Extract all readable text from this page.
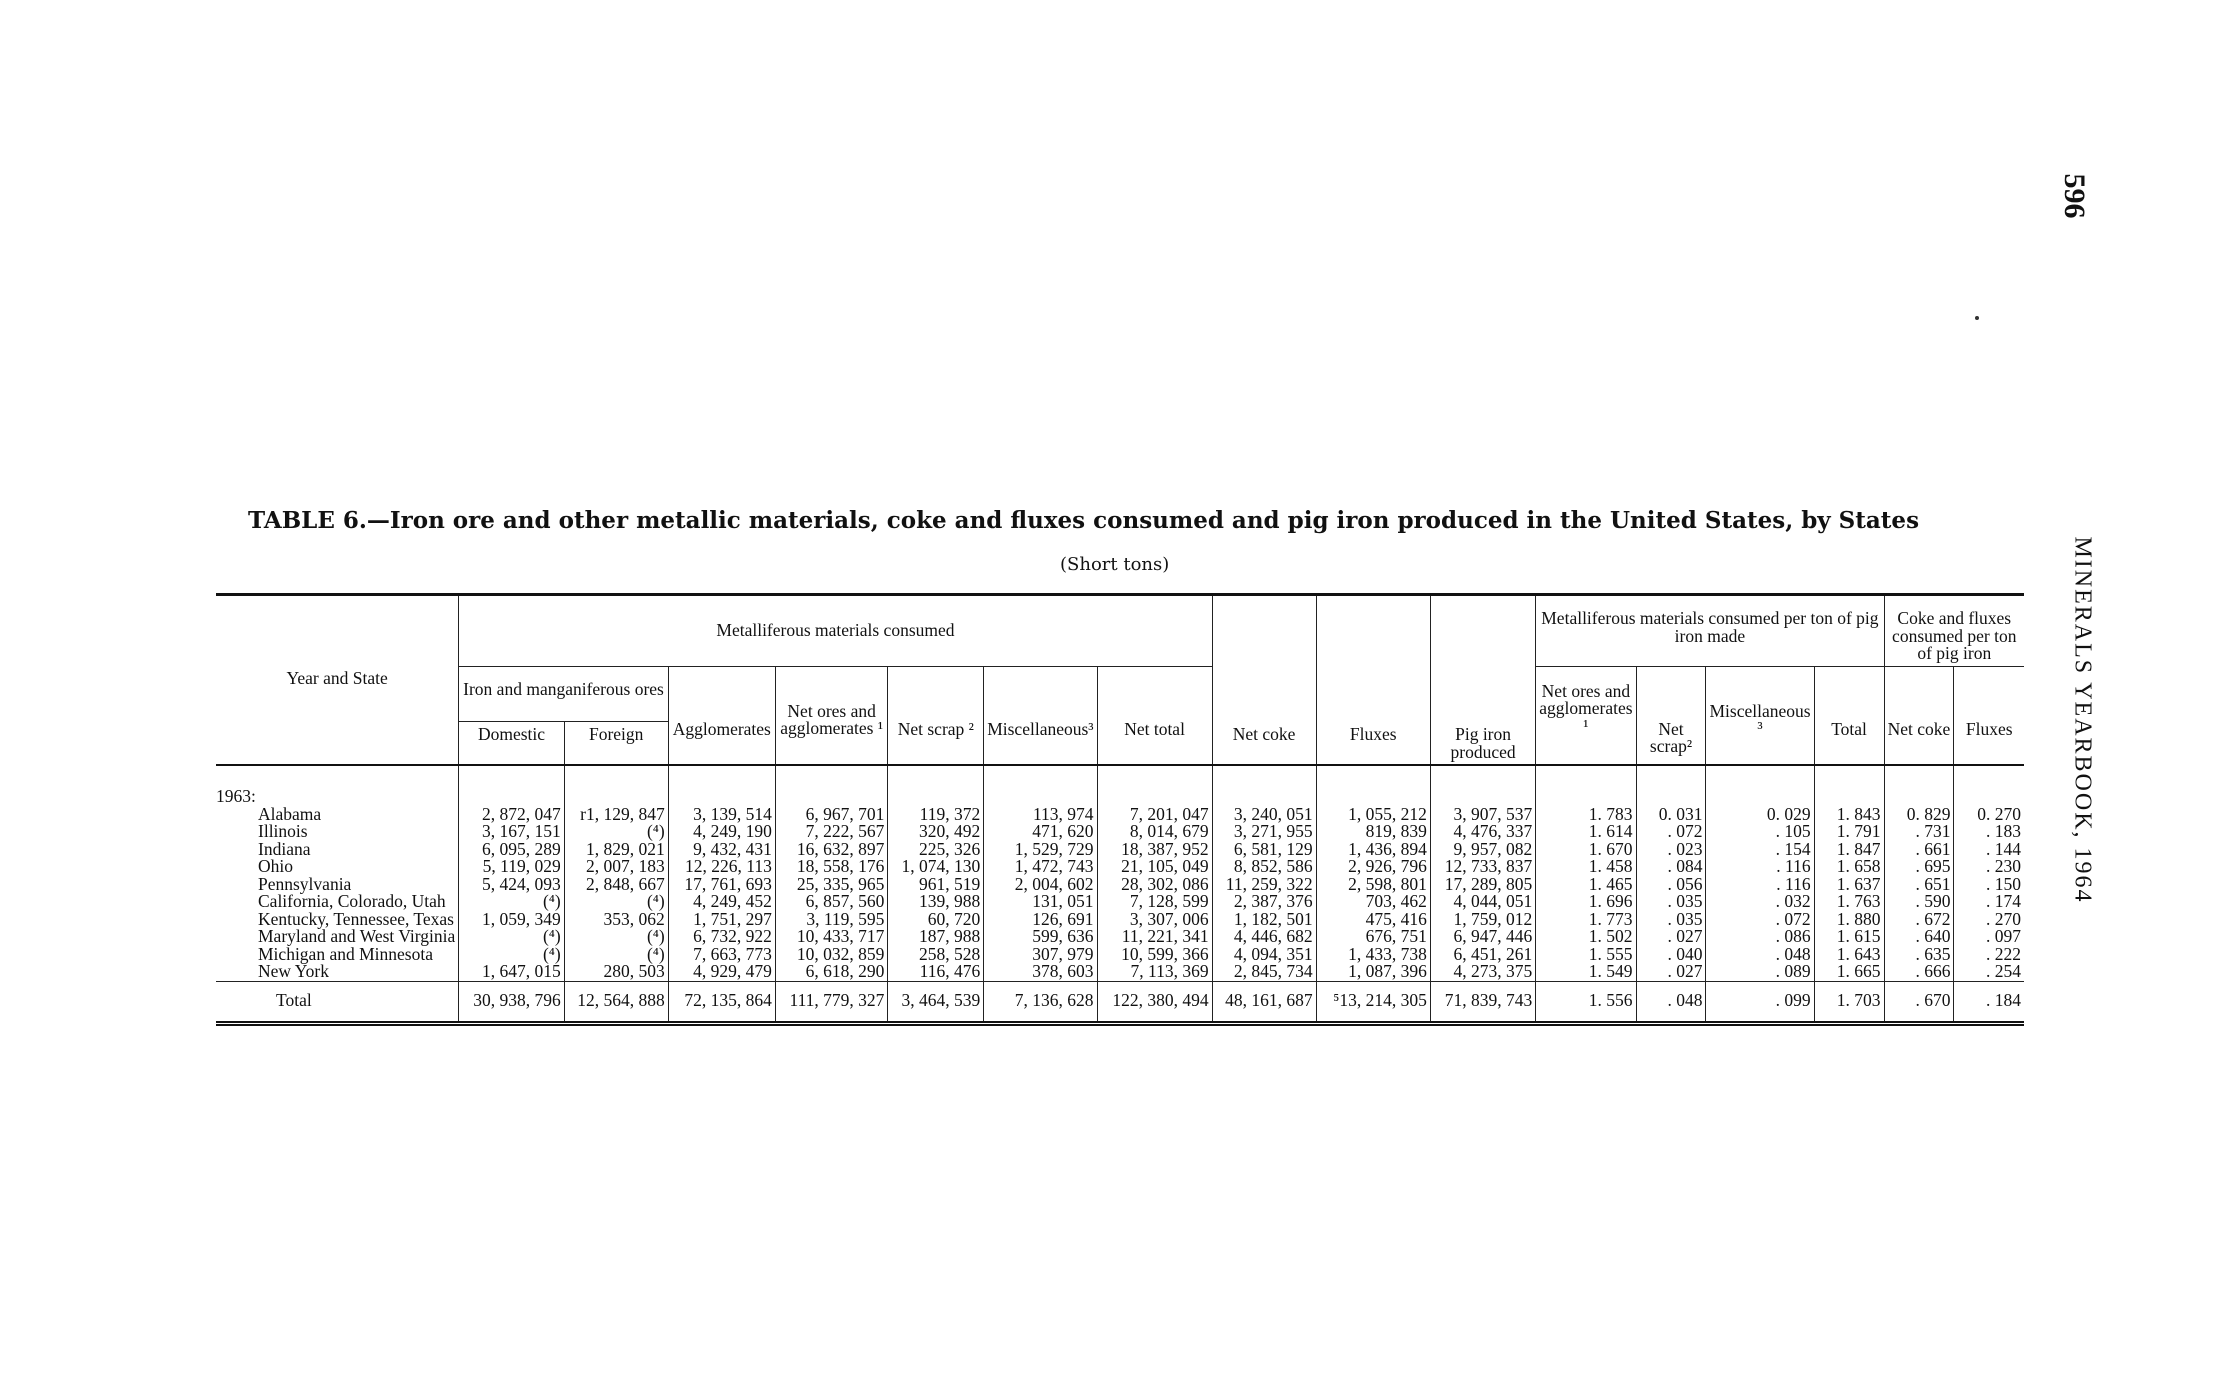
596
MINERALS YEARBOOK, 1964
TABLE 6.—Iron ore and other metallic materials, coke and fluxes consumed and pig iron produced in the United States, by States
(Short tons)
Year and State	Metalliferous materials consumed							Net coke	Fluxes	Pig iron produced	Metalliferous materials consumed per ton of pig iron made				Coke and fluxes consumed per ton of pig iron	
	Iron and manganiferous ores		Agglomerates	Net ores and agglomerates ¹	Net scrap ²	Miscellaneous³	Net total				Net ores and agglomerates ¹	Net scrap²	Miscellaneous ³	Total	Net coke	Fluxes
	Domestic	Foreign														
1963:																
Alabama	2, 872, 047	r1, 129, 847	3, 139, 514	6, 967, 701	119, 372	113, 974	7, 201, 047	3, 240, 051	1, 055, 212	3, 907, 537	1. 783	0. 031	0. 029	1. 843	0. 829	0. 270
Illinois	3, 167, 151	(⁴)	4, 249, 190	7, 222, 567	320, 492	471, 620	8, 014, 679	3, 271, 955	819, 839	4, 476, 337	1. 614	. 072	. 105	1. 791	. 731	. 183
Indiana	6, 095, 289	1, 829, 021	9, 432, 431	16, 632, 897	225, 326	1, 529, 729	18, 387, 952	6, 581, 129	1, 436, 894	9, 957, 082	1. 670	. 023	. 154	1. 847	. 661	. 144
Ohio	5, 119, 029	2, 007, 183	12, 226, 113	18, 558, 176	1, 074, 130	1, 472, 743	21, 105, 049	8, 852, 586	2, 926, 796	12, 733, 837	1. 458	. 084	. 116	1. 658	. 695	. 230
Pennsylvania	5, 424, 093	2, 848, 667	17, 761, 693	25, 335, 965	961, 519	2, 004, 602	28, 302, 086	11, 259, 322	2, 598, 801	17, 289, 805	1. 465	. 056	. 116	1. 637	. 651	. 150
California, Colorado, Utah	(⁴)	(⁴)	4, 249, 452	6, 857, 560	139, 988	131, 051	7, 128, 599	2, 387, 376	703, 462	4, 044, 051	1. 696	. 035	. 032	1. 763	. 590	. 174
Kentucky, Tennessee, Texas	1, 059, 349	353, 062	1, 751, 297	3, 119, 595	60, 720	126, 691	3, 307, 006	1, 182, 501	475, 416	1, 759, 012	1. 773	. 035	. 072	1. 880	. 672	. 270
Maryland and West Virginia	(⁴)	(⁴)	6, 732, 922	10, 433, 717	187, 988	599, 636	11, 221, 341	4, 446, 682	676, 751	6, 947, 446	1. 502	. 027	. 086	1. 615	. 640	. 097
Michigan and Minnesota	(⁴)	(⁴)	7, 663, 773	10, 032, 859	258, 528	307, 979	10, 599, 366	4, 094, 351	1, 433, 738	6, 451, 261	1. 555	. 040	. 048	1. 643	. 635	. 222
New York	1, 647, 015	280, 503	4, 929, 479	6, 618, 290	116, 476	378, 603	7, 113, 369	2, 845, 734	1, 087, 396	4, 273, 375	1. 549	. 027	. 089	1. 665	. 666	. 254
Total	30, 938, 796	12, 564, 888	72, 135, 864	111, 779, 327	3, 464, 539	7, 136, 628	122, 380, 494	48, 161, 687	⁵13, 214, 305	71, 839, 743	1. 556	. 048	. 099	1. 703	. 670	. 184
